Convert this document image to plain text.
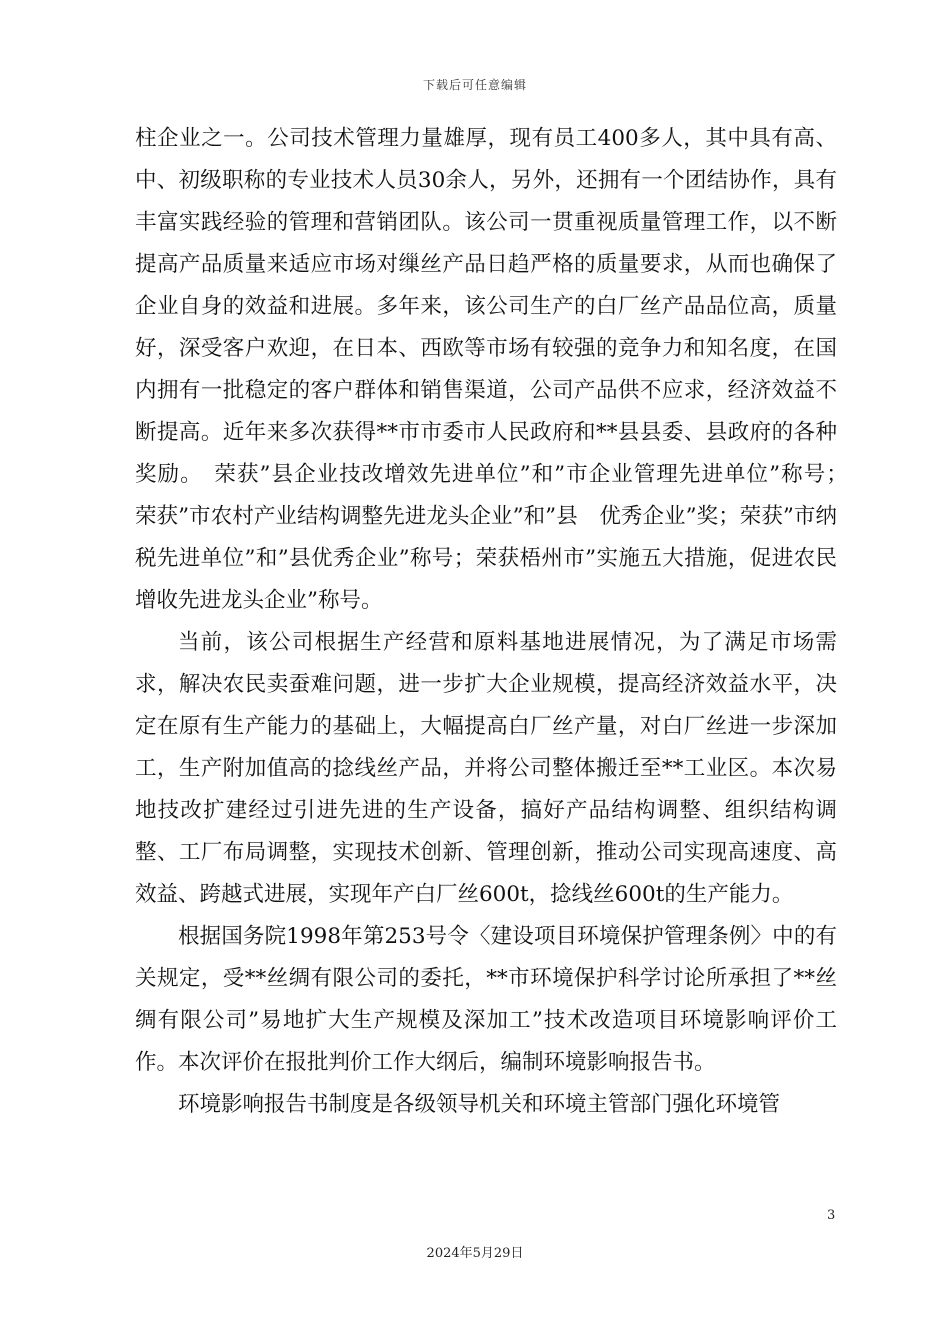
下载后可任意编辑

柱企业之一。公司技术管理力量雄厚，现有员工400多人，其中具有高、中、初级职称的专业技术人员30余人，另外，还拥有一个团结协作，具有丰富实践经验的管理和营销团队。该公司一贯重视质量管理工作，以不断提高产品质量来适应市场对缫丝产品日趋严格的质量要求，从而也确保了企业自身的效益和进展。多年来，该公司生产的白厂丝产品品位高，质量好，深受客户欢迎，在日本、西欧等市场有较强的竞争力和知名度，在国内拥有一批稳定的客户群体和销售渠道，公司产品供不应求，经济效益不断提高。近年来多次获得**市市委市人民政府和**县县委、县政府的各种奖励。　荣获”县企业技改增效先进单位”和”市企业管理先进单位”称号；　荣获”市农村产业结构调整先进龙头企业”和”县　优秀企业”奖；荣获”市纳税先进单位”和”县优秀企业”称号；荣获梧州市”实施五大措施，促进农民增收先进龙头企业”称号。

当前，该公司根据生产经营和原料基地进展情况，为了满足市场需求，解决农民卖蚕难问题，进一步扩大企业规模，提高经济效益水平，决定在原有生产能力的基础上，大幅提高白厂丝产量，对白厂丝进一步深加工，生产附加值高的捻线丝产品，并将公司整体搬迁至**工业区。本次易地技改扩建经过引进先进的生产设备，搞好产品结构调整、组织结构调整、工厂布局调整，实现技术创新、管理创新，推动公司实现高速度、高效益、跨越式进展，实现年产白厂丝600t，捻线丝600t的生产能力。

根据国务院1998年第253号令〈建设项目环境保护管理条例〉中的有关规定，受**丝绸有限公司的委托，**市环境保护科学讨论所承担了**丝绸有限公司”易地扩大生产规模及深加工”技术改造项目环境影响评价工作。本次评价在报批判价工作大纲后，编制环境影响报告书。

环境影响报告书制度是各级领导机关和环境主管部门强化环境管

3
2024年5月29日
